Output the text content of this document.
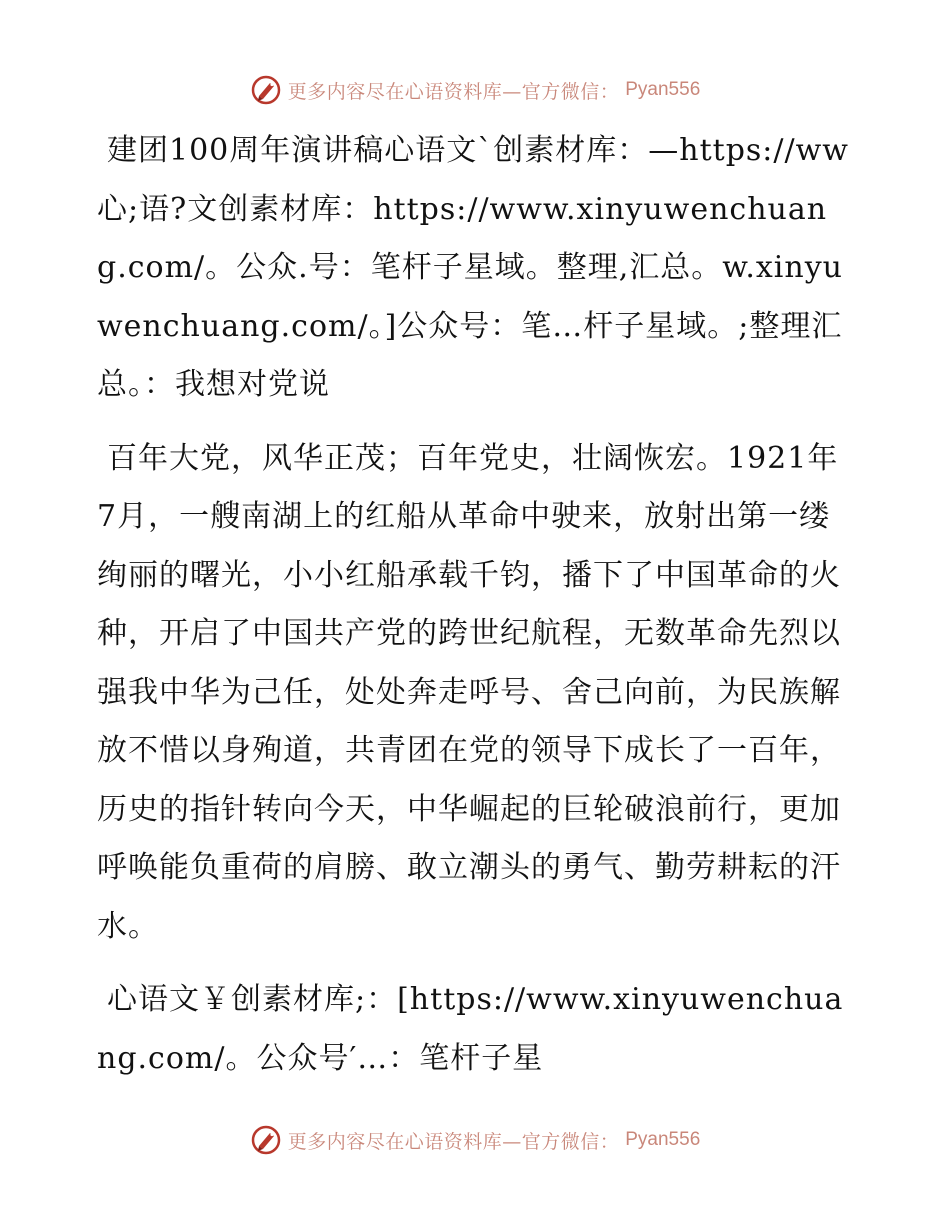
更多内容尽在心语资料库—官方微信： Pyan556

建团100周年演讲稿心语文`创素材库：—https://ww心;语?文创素材库：https://www.xinyuwenchuang.com/。公众.号：笔杆子星域。整理,汇总。w.xinyuwenchuang.com/。]公众号：笔…杆子星域。;整理汇总。：我想对党说

百年大党，风华正茂；百年党史，壮阔恢宏。1921年7月，一艘南湖上的红船从革命中驶来，放射出第一缕绚丽的曙光，小小红船承载千钧，播下了中国革命的火种，开启了中国共产党的跨世纪航程，无数革命先烈以强我中华为己任，处处奔走呼号、舍己向前，为民族解放不惜以身殉道，共青团在党的领导下成长了一百年，历史的指针转向今天，中华崛起的巨轮破浪前行，更加呼唤能负重荷的肩膀、敢立潮头的勇气、勤劳耕耘的汗水。

心语文￥创素材库;：[https://www.xinyuwenchuang.com/。公众号′…：笔杆子星

更多内容尽在心语资料库—官方微信： Pyan556
